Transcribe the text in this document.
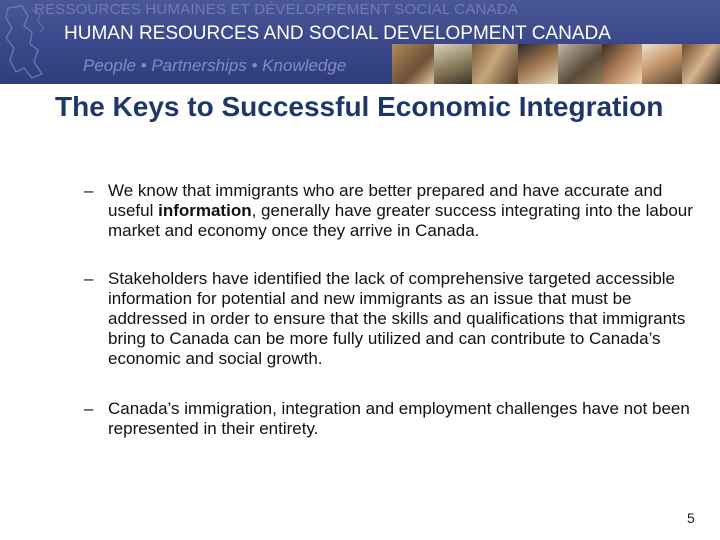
RESSOURCES HUMAINES ET DÉVELOPPEMENT SOCIAL CANADA
HUMAN RESOURCES AND SOCIAL DEVELOPMENT CANADA
People • Partnerships • Knowledge
The Keys to Successful Economic Integration
– We know that immigrants who are better prepared and have accurate and useful information, generally have greater success integrating into the labour market and economy once they arrive in Canada.
– Stakeholders have identified the lack of comprehensive targeted accessible information for potential and new immigrants as an issue that must be addressed in order to ensure that the skills and qualifications that immigrants bring to Canada can be more fully utilized and can contribute to Canada’s economic and social growth.
– Canada’s immigration, integration and employment challenges have not been represented in their entirety.
5
